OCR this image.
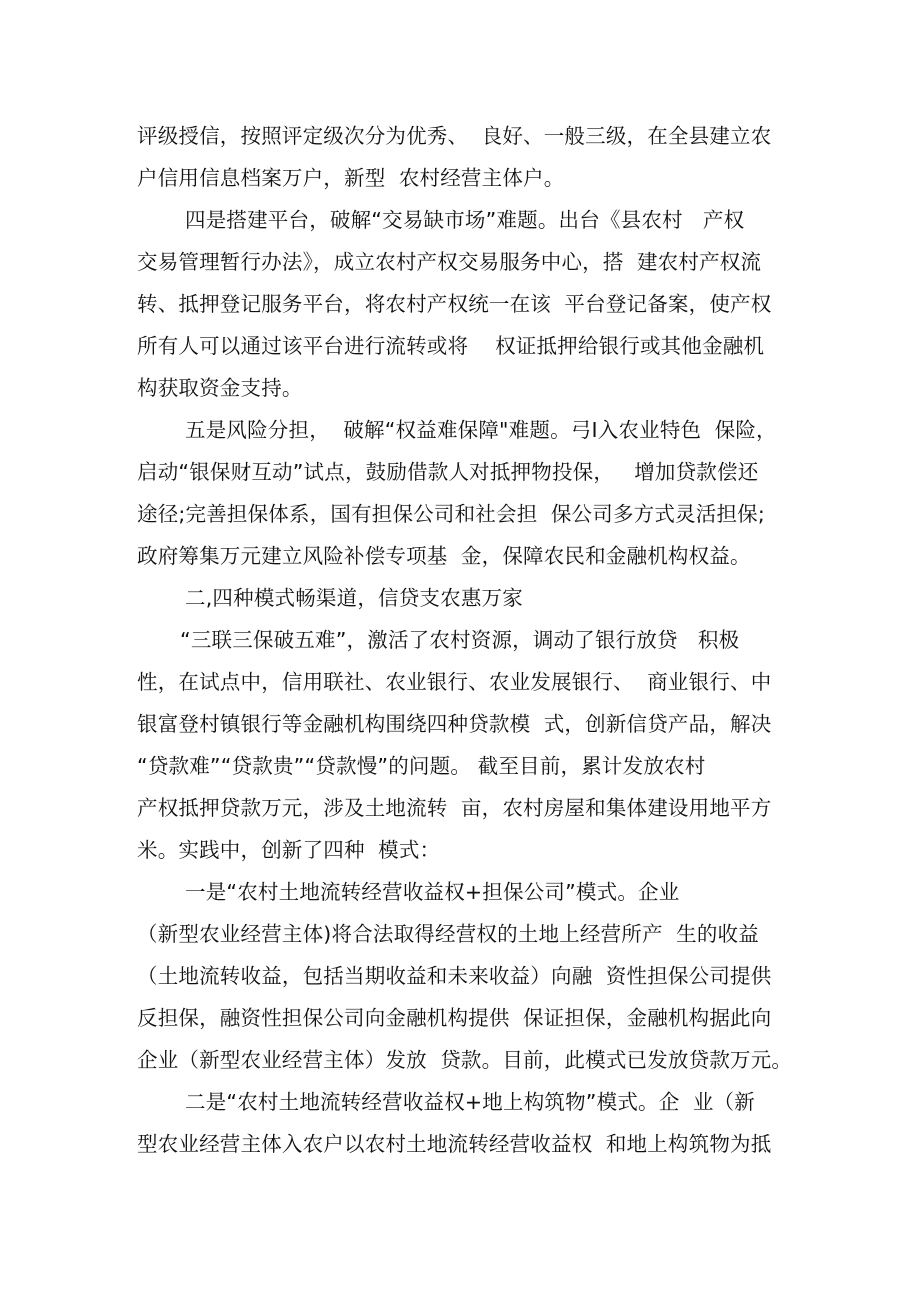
评级授信，按照评定级次分为优秀、  良好、一般三级，在全县建立农
户信用信息档案万户，新型  农村经营主体户。
四是搭建平台，破解“交易缺市场”难题。出台《县农村   产权
交易管理暂行办法》，成立农村产权交易服务中心，搭  建农村产权流
转、抵押登记服务平台，将农村产权统一在该  平台登记备案，使产权
所有人可以通过该平台进行流转或将    权证抵押给银行或其他金融机
构获取资金支持。
五是风险分担，  破解“权益难保障"难题。弓I入农业特色  保险，
启动“银保财互动”试点，鼓励借款人对抵押物投保，   增加贷款偿还
途径;完善担保体系，国有担保公司和社会担  保公司多方式灵活担保;
政府筹集万元建立风险补偿专项基  金，保障农民和金融机构权益。
二,四种模式畅渠道，信贷支农惠万家
“三联三保破五难”，激活了农村资源，调动了银行放贷   积极
性，在试点中，信用联社、农业银行、农业发展银行、  商业银行、中
银富登村镇银行等金融机构围绕四种贷款模  式，创新信贷产品，解决
“贷款难”“贷款贵”“贷款慢”的问题。 截至目前，累计发放农村
产权抵押贷款万元，涉及土地流转  亩，农村房屋和集体建设用地平方
米。实践中，创新了四种  模式：
一是“农村土地流转经营收益权+担保公司”模式。企业
（新型农业经营主体)将合法取得经营权的土地上经营所产  生的收益
（土地流转收益，包括当期收益和未来收益）向融  资性担保公司提供
反担保，融资性担保公司向金融机构提供  保证担保，金融机构据此向
企业（新型农业经营主体）发放  贷款。目前，此模式已发放贷款万元。
二是“农村土地流转经营收益权+地上构筑物”模式。企  业（新
型农业经营主体入农户以农村土地流转经营收益权  和地上构筑物为抵
